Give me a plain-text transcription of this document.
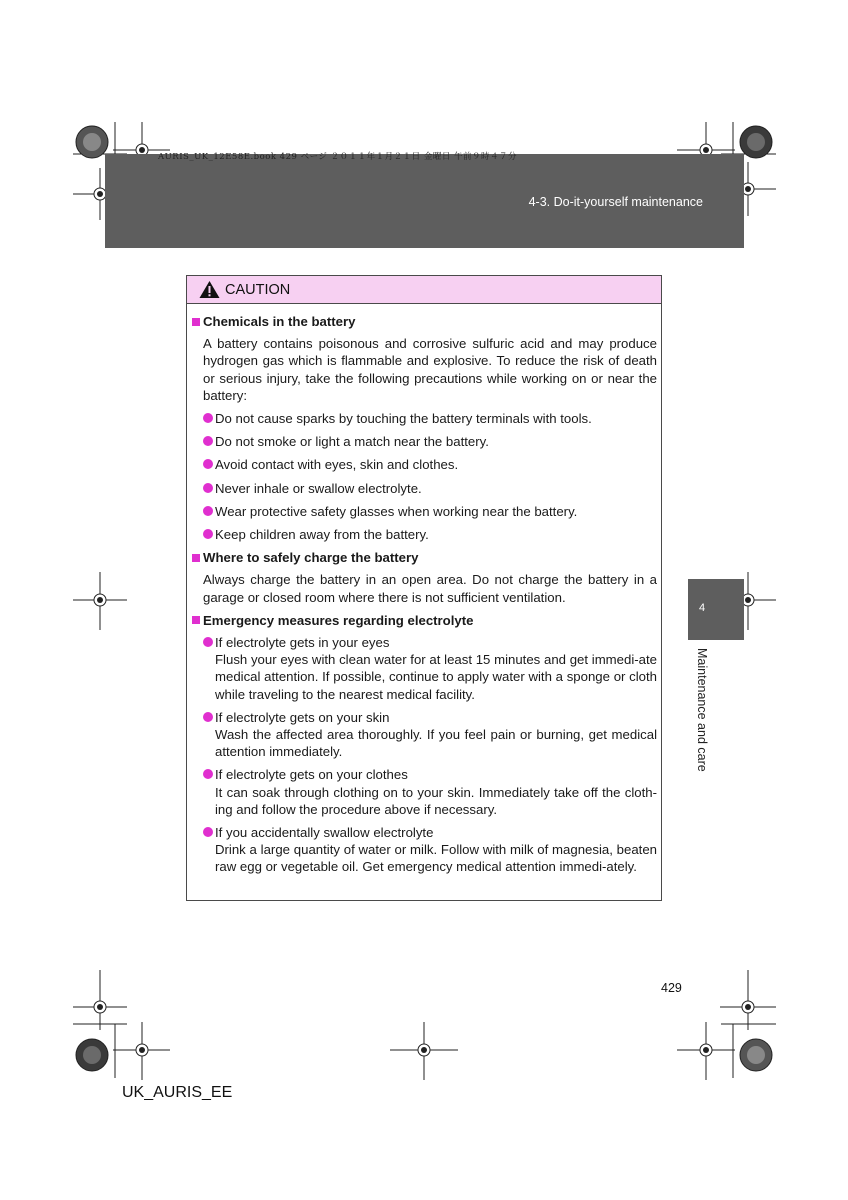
AURIS_UK_12E58E.book 429 ページ ２０１１年１月２１日 金曜日 午前９時４７分
4-3. Do-it-yourself maintenance
4
Maintenance and care
CAUTION
Chemicals in the battery
A battery contains poisonous and corrosive sulfuric acid and may produce hydrogen gas which is flammable and explosive. To reduce the risk of death or serious injury, take the following precautions while working on or near the battery:
Do not cause sparks by touching the battery terminals with tools.
Do not smoke or light a match near the battery.
Avoid contact with eyes, skin and clothes.
Never inhale or swallow electrolyte.
Wear protective safety glasses when working near the battery.
Keep children away from the battery.
Where to safely charge the battery
Always charge the battery in an open area. Do not charge the battery in a garage or closed room where there is not sufficient ventilation.
Emergency measures regarding electrolyte
If electrolyte gets in your eyes
Flush your eyes with clean water for at least 15 minutes and get immedi-ate medical attention. If possible, continue to apply water with a sponge or cloth while traveling to the nearest medical facility.
If electrolyte gets on your skin
Wash the affected area thoroughly. If you feel pain or burning, get medical attention immediately.
If electrolyte gets on your clothes
It can soak through clothing on to your skin. Immediately take off the cloth-ing and follow the procedure above if necessary.
If you accidentally swallow electrolyte
Drink a large quantity of water or milk. Follow with milk of magnesia, beaten raw egg or vegetable oil. Get emergency medical attention immedi-ately.
429
UK_AURIS_EE
